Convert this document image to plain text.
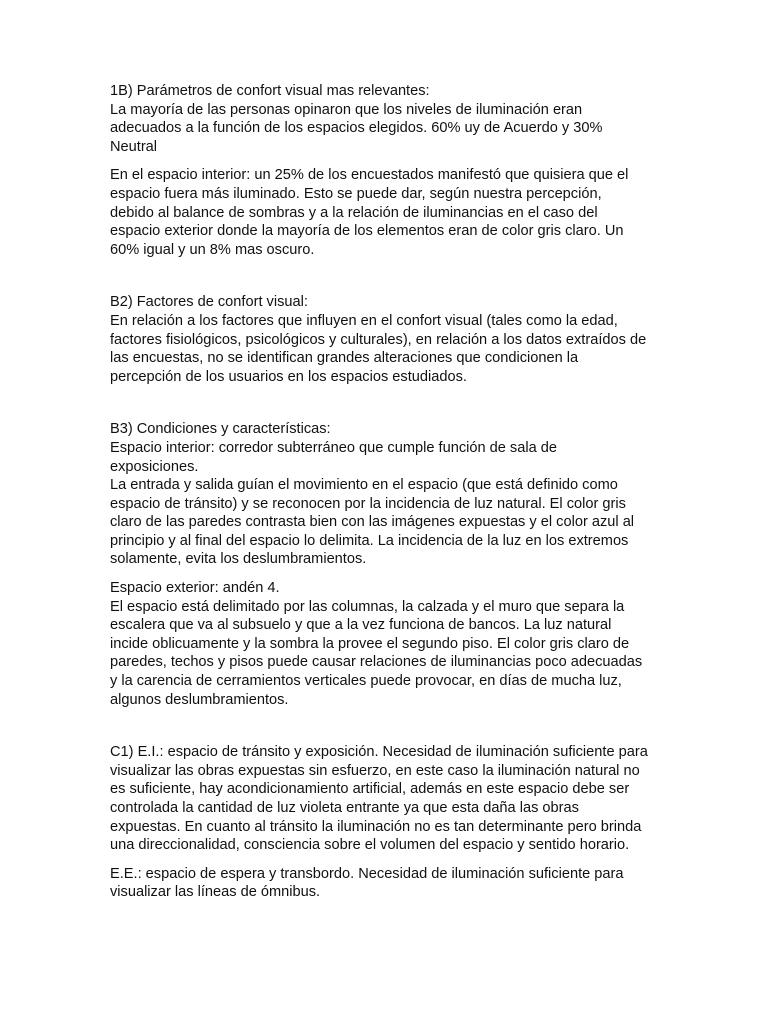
1B) Parámetros de confort visual mas relevantes:
La mayoría de las personas opinaron que los niveles de iluminación eran
adecuados a la función de los espacios elegidos. 60% uy de Acuerdo y 30%
Neutral
En el espacio interior: un 25% de los encuestados manifestó que quisiera que el
espacio fuera más iluminado. Esto se puede dar, según nuestra percepción,
debido al balance de sombras y a la relación de iluminancias en el caso del
espacio exterior donde la mayoría de los elementos eran de color gris claro. Un
60% igual y un 8% mas oscuro.
B2) Factores de confort visual:
En relación a los factores que influyen en el confort visual (tales como la edad,
factores fisiológicos, psicológicos y culturales), en relación a los datos extraídos de
las encuestas, no se identifican grandes alteraciones que condicionen la
percepción de los usuarios en los espacios estudiados.
B3) Condiciones y características:
Espacio interior: corredor subterráneo que cumple función de sala de
exposiciones.
La entrada y salida guían el movimiento en el espacio (que está definido como
espacio de tránsito) y se reconocen por la incidencia de luz natural. El color gris
claro de las paredes contrasta bien con las imágenes expuestas y el color azul al
principio y al final del espacio lo delimita. La incidencia de la luz en los extremos
solamente, evita los deslumbramientos.
Espacio exterior: andén 4.
El espacio está delimitado por las columnas, la calzada y el muro que separa la
escalera que va al subsuelo y que a la vez funciona de bancos. La luz natural
incide oblicuamente y la sombra la provee el segundo piso. El color gris claro de
paredes, techos y pisos puede causar relaciones de iluminancias poco adecuadas
y la carencia de cerramientos verticales puede provocar, en días de mucha luz,
algunos deslumbramientos.
C1) E.I.: espacio de tránsito y exposición. Necesidad de iluminación suficiente para
visualizar las obras expuestas sin esfuerzo, en este caso la iluminación natural no
es suficiente, hay acondicionamiento artificial, además en este espacio debe ser
controlada la cantidad de luz violeta entrante ya que esta daña las obras
expuestas. En cuanto al tránsito la iluminación no es tan determinante pero brinda
una direccionalidad, consciencia sobre el volumen del espacio y sentido horario.
E.E.: espacio de espera y transbordo. Necesidad de iluminación suficiente para
visualizar las líneas de ómnibus.
